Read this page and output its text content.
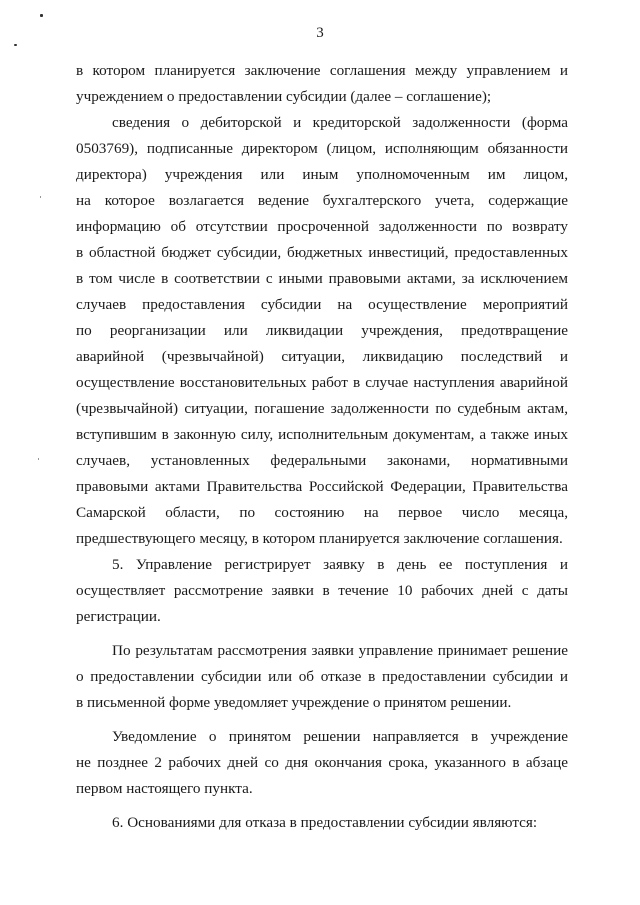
3
в котором планируется заключение соглашения между управлением и
учреждением о предоставлении субсидии (далее – соглашение);
сведения о дебиторской и кредиторской задолженности (форма
0503769), подписанные директором (лицом, исполняющим обязанности
директора) учреждения или иным уполномоченным им лицом,
на которое возлагается ведение бухгалтерского учета, содержащие
информацию об отсутствии просроченной задолженности по возврату
в областной бюджет субсидии, бюджетных инвестиций, предоставленных
в том числе в соответствии с иными правовыми актами, за исключением
случаев предоставления субсидии на осуществление мероприятий
по реорганизации или ликвидации учреждения, предотвращение
аварийной (чрезвычайной) ситуации, ликвидацию последствий и
осуществление восстановительных работ в случае наступления аварийной
(чрезвычайной) ситуации, погашение задолженности по судебным актам,
вступившим в законную силу, исполнительным документам, а также иных
случаев, установленных федеральными законами, нормативными
правовыми актами Правительства Российской Федерации, Правительства
Самарской области, по состоянию на первое число месяца,
предшествующего месяцу, в котором планируется заключение соглашения.
5. Управление регистрирует заявку в день ее поступления и
осуществляет рассмотрение заявки в течение 10 рабочих дней с даты
регистрации.
По результатам рассмотрения заявки управление принимает решение
о предоставлении субсидии или об отказе в предоставлении субсидии и
в письменной форме уведомляет учреждение о принятом решении.
Уведомление о принятом решении направляется в учреждение
не позднее 2 рабочих дней со дня окончания срока, указанного в абзаце
первом настоящего пункта.
6. Основаниями для отказа в предоставлении субсидии являются:
